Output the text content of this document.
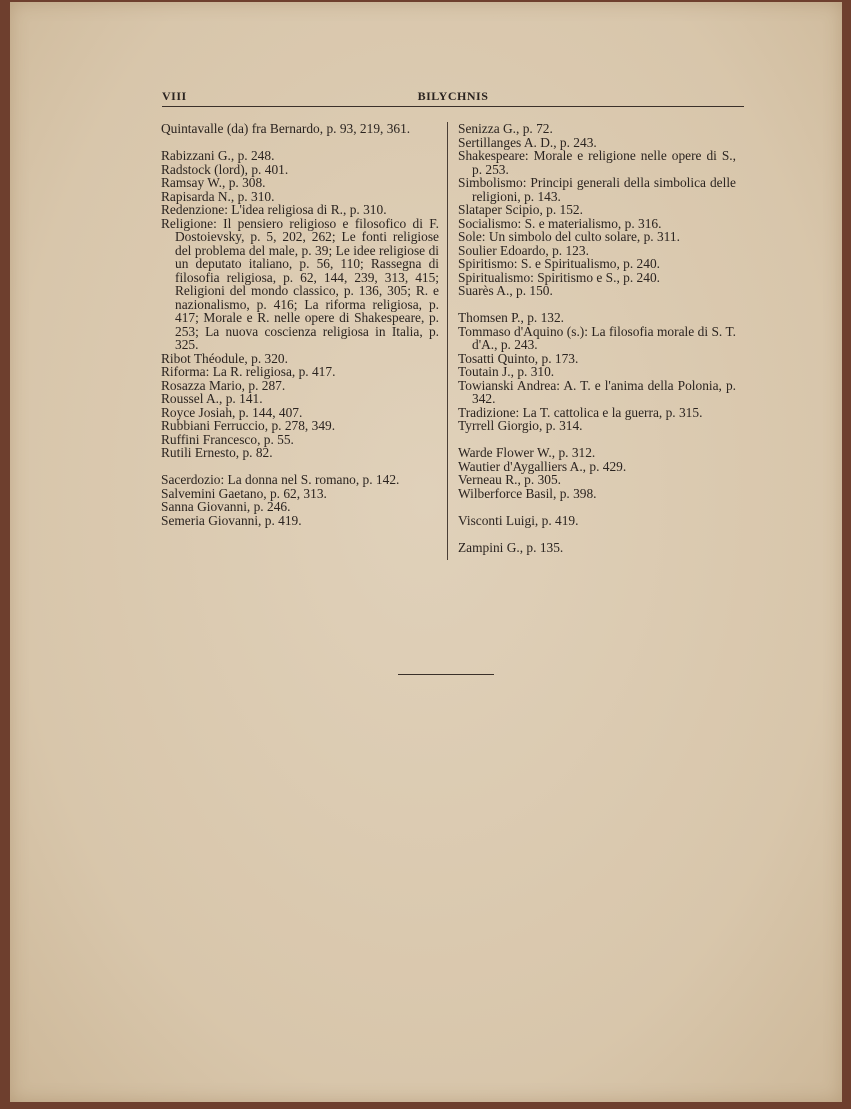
VIII	BILYCHNIS

Quintavalle (da) fra Bernardo, p. 93, 219, 361.

Rabizzani G., p. 248.

Radstock (lord), p. 401.

Ramsay W., p. 308.

Rapisarda N., p. 310.

Redenzione: L'idea religiosa di R., p. 310.

Religione: Il pensiero religioso e filosofico di F. Dostoievsky, p. 5, 202, 262; Le fonti religiose del problema del male, p. 39; Le idee religiose di un deputato italiano, p. 56, 110; Rassegna di filosofia religiosa, p. 62, 144, 239, 313, 415; Religioni del mondo classico, p. 136, 305; R. e nazionalismo, p. 416; La riforma religiosa, p. 417; Morale e R. nelle opere di Shakespeare, p. 253; La nuova coscienza religiosa in Italia, p. 325.

Ribot Théodule, p. 320.

Riforma: La R. religiosa, p. 417.

Rosazza Mario, p. 287.

Roussel A., p. 141.

Royce Josiah, p. 144, 407.

Rubbiani Ferruccio, p. 278, 349.

Ruffini Francesco, p. 55.

Rutili Ernesto, p. 82.

Sacerdozio: La donna nel S. romano, p. 142.

Salvemini Gaetano, p. 62, 313.

Sanna Giovanni, p. 246.

Semeria Giovanni, p. 419.

Senizza G., p. 72.

Sertillanges A. D., p. 243.

Shakespeare: Morale e religione nelle opere di S., p. 253.

Simbolismo: Principi generali della simbolica delle religioni, p. 143.

Slataper Scipio, p. 152.

Socialismo: S. e materialismo, p. 316.

Sole: Un simbolo del culto solare, p. 311.

Soulier Edoardo, p. 123.

Spiritismo: S. e Spiritualismo, p. 240.

Spiritualismo: Spiritismo e S., p. 240.

Suarès A., p. 150.

Thomsen P., p. 132.

Tommaso d'Aquino (s.): La filosofia morale di S. T. d'A., p. 243.

Tosatti Quinto, p. 173.

Toutain J., p. 310.

Towianski Andrea: A. T. e l'anima della Polonia, p. 342.

Tradizione: La T. cattolica e la guerra, p. 315.

Tyrrell Giorgio, p. 314.

Warde Flower W., p. 312.

Wautier d'Aygalliers A., p. 429.

Verneau R., p. 305.

Wilberforce Basil, p. 398.

Visconti Luigi, p. 419.

Zampini G., p. 135.
